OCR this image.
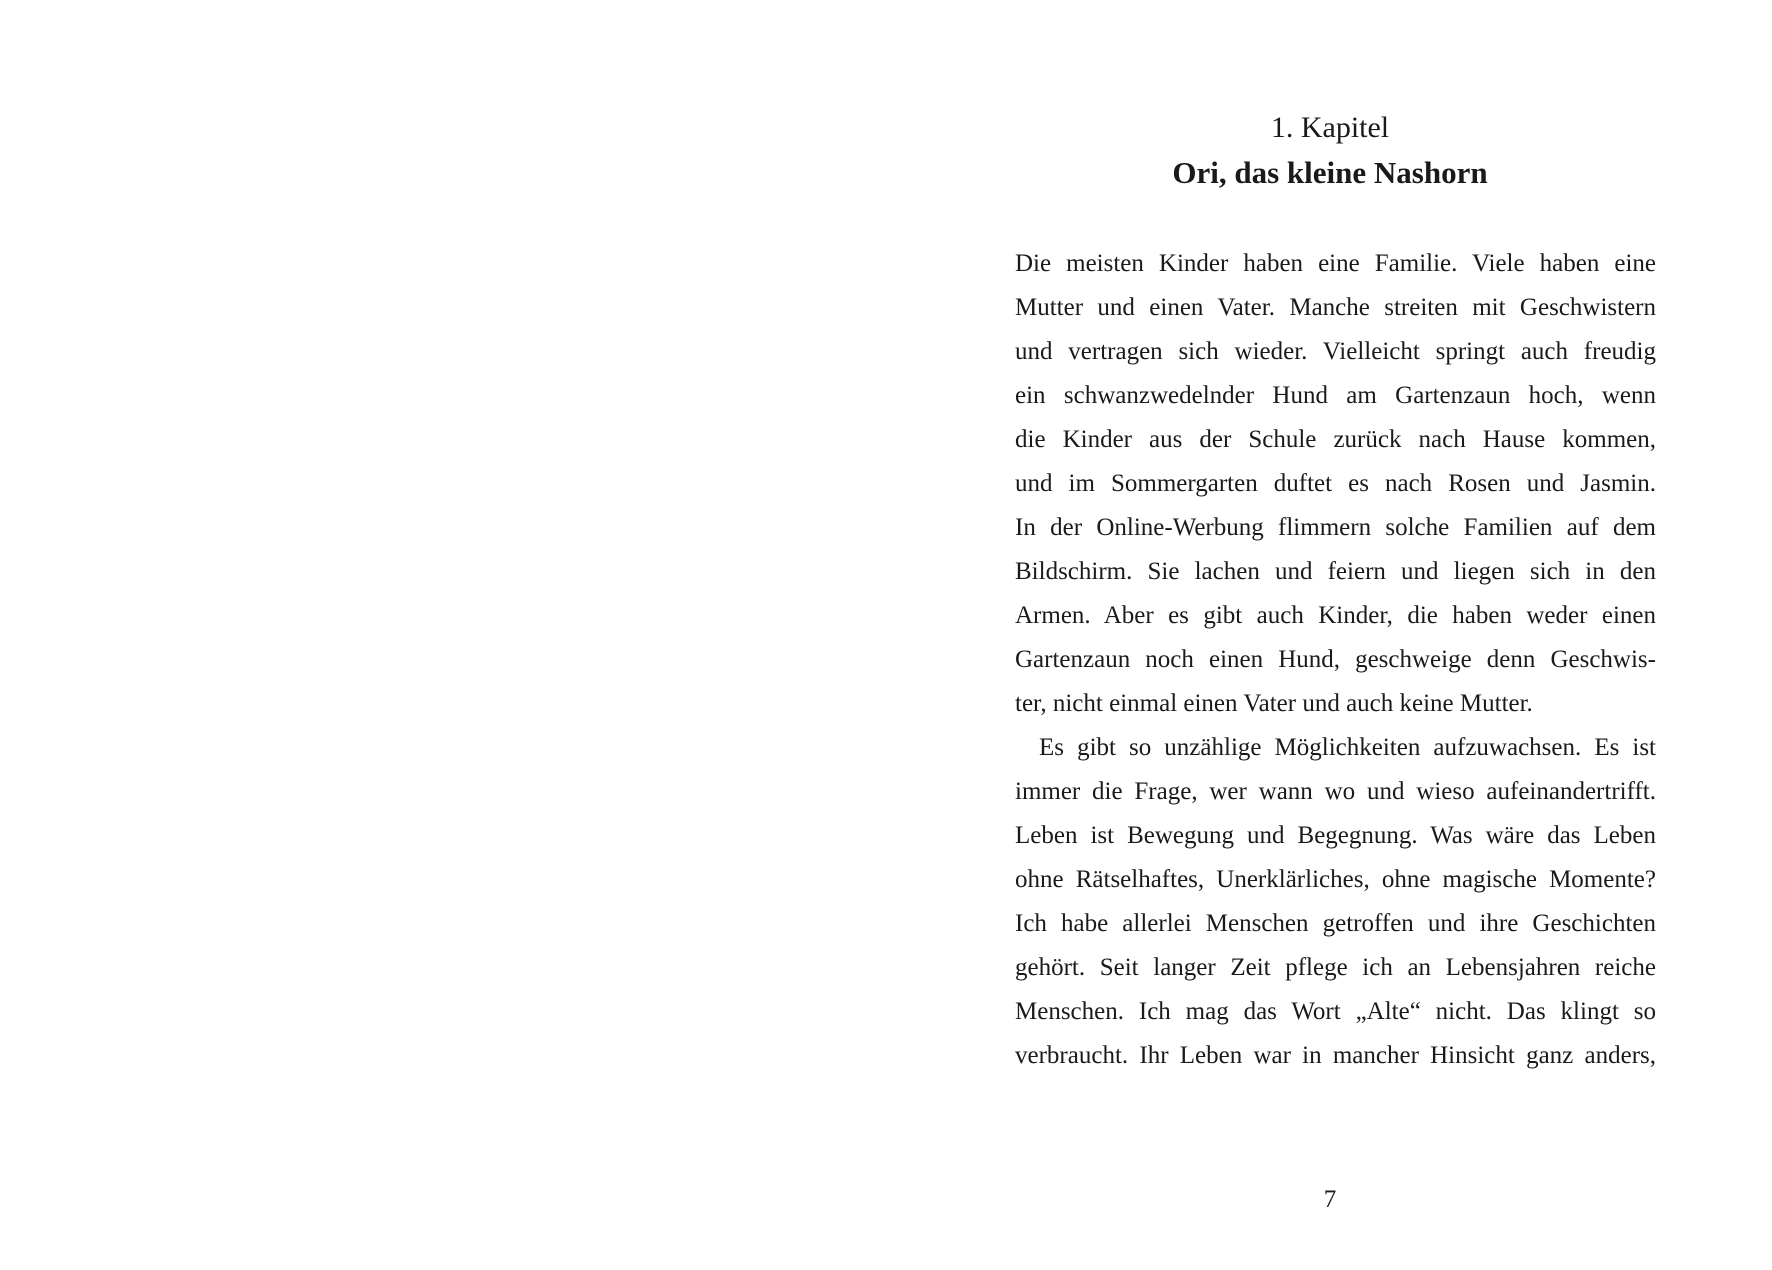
1. Kapitel
Ori, das kleine Nashorn
Die meisten Kinder haben eine Familie. Viele haben eine
Mutter und einen Vater. Manche streiten mit Geschwistern
und vertragen sich wieder. Vielleicht springt auch freudig
ein schwanzwedelnder Hund am Gartenzaun hoch, wenn
die Kinder aus der Schule zurück nach Hause kommen,
und im Sommergarten duftet es nach Rosen und Jasmin.
In der Online-Werbung flimmern solche Familien auf dem
Bildschirm. Sie lachen und feiern und liegen sich in den
Armen. Aber es gibt auch Kinder, die haben weder einen
Gartenzaun noch einen Hund, geschweige denn Geschwis-
ter, nicht einmal einen Vater und auch keine Mutter.
Es gibt so unzählige Möglichkeiten aufzuwachsen. Es ist
immer die Frage, wer wann wo und wieso aufeinandertrifft.
Leben ist Bewegung und Begegnung. Was wäre das Leben
ohne Rätselhaftes, Unerklärliches, ohne magische Momente?
Ich habe allerlei Menschen getroffen und ihre Geschichten
gehört. Seit langer Zeit pflege ich an Lebensjahren reiche
Menschen. Ich mag das Wort „Alte“ nicht. Das klingt so
verbraucht. Ihr Leben war in mancher Hinsicht ganz anders,
7
